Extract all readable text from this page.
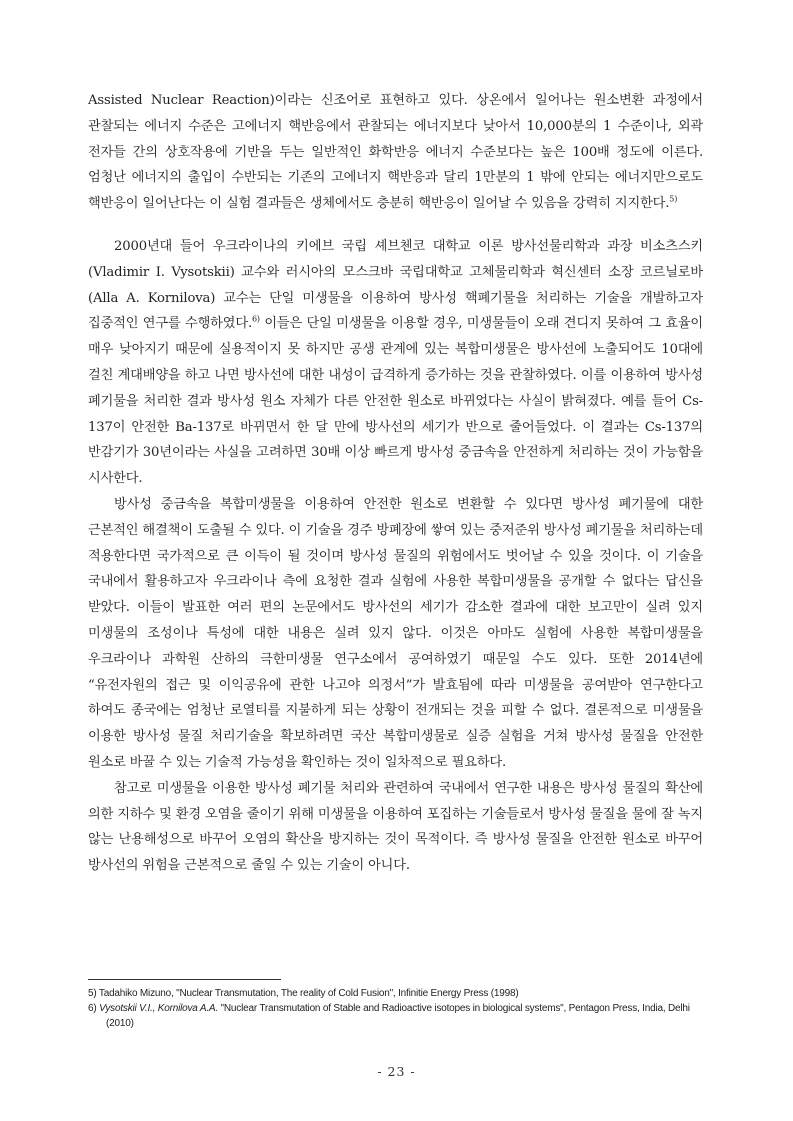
Assisted Nuclear Reaction)이라는 신조어로 표현하고 있다. 상온에서 일어나는 원소변환 과정에서 관찰되는 에너지 수준은 고에너지 핵반응에서 관찰되는 에너지보다 낮아서 10,000분의 1 수준이나, 외곽 전자들 간의 상호작용에 기반을 두는 일반적인 화학반응 에너지 수준보다는 높은 100배 정도에 이른다. 엄청난 에너지의 출입이 수반되는 기존의 고에너지 핵반응과 달리 1만분의 1 밖에 안되는 에너지만으로도 핵반응이 일어난다는 이 실험 결과들은 생체에서도 충분히 핵반응이 일어날 수 있음을 강력히 지지한다.$^{5)}$

2000년대 들어 우크라이나의 키에브 국립 셰브첸코 대학교 이론 방사선물리학과 과장 비소츠스키(Vladimir I. Vysotskii) 교수와 러시아의 모스크바 국립대학교 고체물리학과 혁신센터 소장 코르닐로바(Alla A. Kornilova) 교수는 단일 미생물을 이용하여 방사성 핵폐기물을 처리하는 기술을 개발하고자 집중적인 연구를 수행하였다.$^{6)}$ 이들은 단일 미생물을 이용할 경우, 미생물들이 오래 견디지 못하여 그 효율이 매우 낮아지기 때문에 실용적이지 못 하지만 공생 관계에 있는 복합미생물은 방사선에 노출되어도 10대에 걸친 계대배양을 하고 나면 방사선에 대한 내성이 급격하게 증가하는 것을 관찰하였다. 이를 이용하여 방사성 폐기물을 처리한 결과 방사성 원소 자체가 다른 안전한 원소로 바뀌었다는 사실이 밝혀졌다. 예를 들어 Cs-137이 안전한 Ba-137로 바뀌면서 한 달 만에 방사선의 세기가 반으로 줄어들었다. 이 결과는 Cs-137의 반감기가 30년이라는 사실을 고려하면 30배 이상 빠르게 방사성 중금속을 안전하게 처리하는 것이 가능함을 시사한다.

방사성 중금속을 복합미생물을 이용하여 안전한 원소로 변환할 수 있다면 방사성 폐기물에 대한 근본적인 해결책이 도출될 수 있다. 이 기술을 경주 방폐장에 쌓여 있는 중저준위 방사성 폐기물을 처리하는데 적용한다면 국가적으로 큰 이득이 될 것이며 방사성 물질의 위험에서도 벗어날 수 있을 것이다. 이 기술을 국내에서 활용하고자 우크라이나 측에 요청한 결과 실험에 사용한 복합미생물을 공개할 수 없다는 답신을 받았다. 이들이 발표한 여러 편의 논문에서도 방사선의 세기가 감소한 결과에 대한 보고만이 실려 있지 미생물의 조성이나 특성에 대한 내용은 실려 있지 않다. 이것은 아마도 실험에 사용한 복합미생물을 우크라이나 과학원 산하의 극한미생물 연구소에서 공여하였기 때문일 수도 있다. 또한 2014년에 “유전자원의 접근 및 이익공유에 관한 나고야 의정서”가 발효됨에 따라 미생물을 공여받아 연구한다고 하여도 종국에는 엄청난 로열티를 지불하게 되는 상황이 전개되는 것을 피할 수 없다. 결론적으로 미생물을 이용한 방사성 물질 처리기술을 확보하려면 국산 복합미생물로 실증 실험을 거쳐 방사성 물질을 안전한 원소로 바꿀 수 있는 기술적 가능성을 확인하는 것이 일차적으로 필요하다.

참고로 미생물을 이용한 방사성 폐기물 처리와 관련하여 국내에서 연구한 내용은 방사성 물질의 확산에 의한 지하수 및 환경 오염을 줄이기 위해 미생물을 이용하여 포집하는 기술들로서 방사성 물질을 물에 잘 녹지 않는 난용해성으로 바꾸어 오염의 확산을 방지하는 것이 목적이다. 즉 방사성 물질을 안전한 원소로 바꾸어 방사선의 위험을 근본적으로 줄일 수 있는 기술이 아니다.

5) Tadahiko Mizuno, "Nuclear Transmutation, The reality of Cold Fusion", Infinitie Energy Press (1998)
6) Vysotskii V.I., Kornilova A.A. "Nuclear Transmutation of Stable and Radioactive isotopes in biological systems", Pentagon Press, India, Delhi (2010)
- 23 -
